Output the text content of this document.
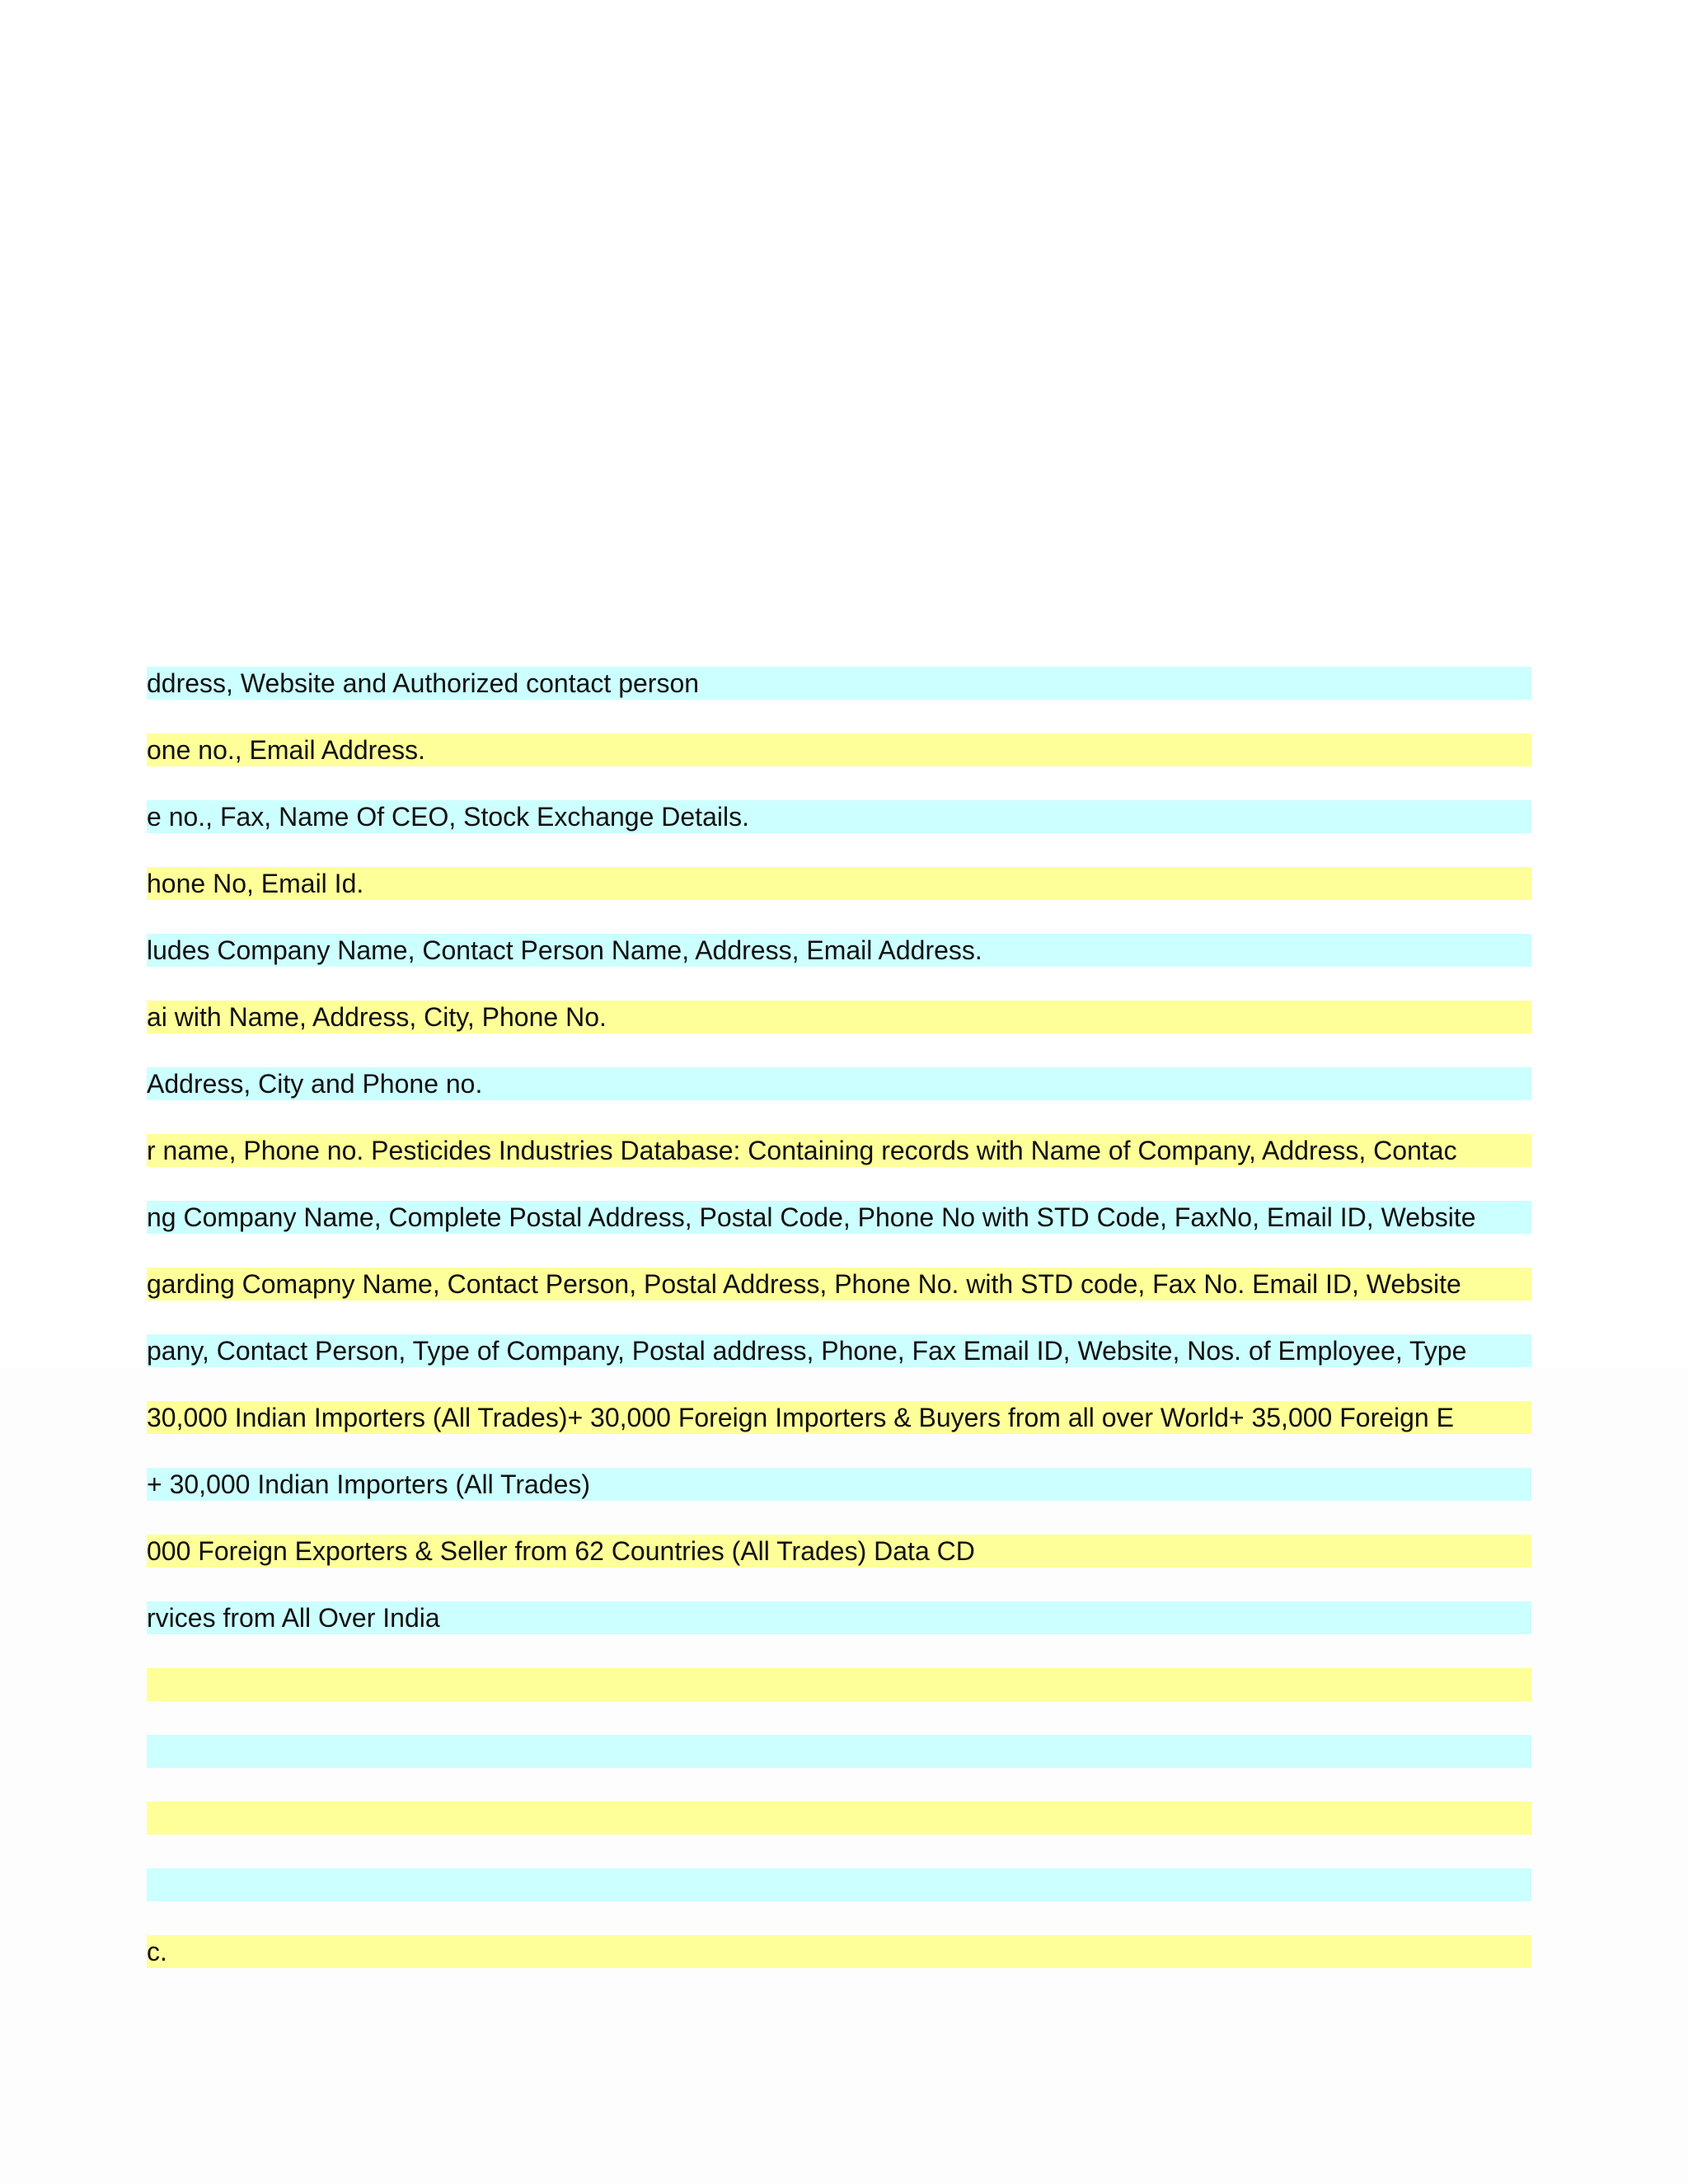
ddress, Website and Authorized contact person
one no., Email Address.
e no., Fax, Name Of CEO, Stock Exchange Details.
hone No, Email Id.
ludes Company Name, Contact Person Name, Address, Email Address.
ai with Name, Address, City, Phone No.
Address, City and Phone no.
r name, Phone no. Pesticides Industries Database: Containing records with Name of Company, Address, Contac
ng Company Name, Complete Postal Address, Postal Code, Phone No with STD Code, FaxNo, Email ID, Website
garding Comapny Name, Contact Person, Postal Address, Phone No. with STD code, Fax No. Email ID, Website
pany, Contact Person, Type of Company, Postal address, Phone, Fax Email ID, Website, Nos. of Employee, Type
30,000 Indian Importers (All Trades)+ 30,000 Foreign Importers & Buyers from all over World+ 35,000 Foreign E
+ 30,000 Indian Importers (All Trades)
000 Foreign Exporters & Seller from 62 Countries (All Trades) Data CD
rvices from All Over India
c.
